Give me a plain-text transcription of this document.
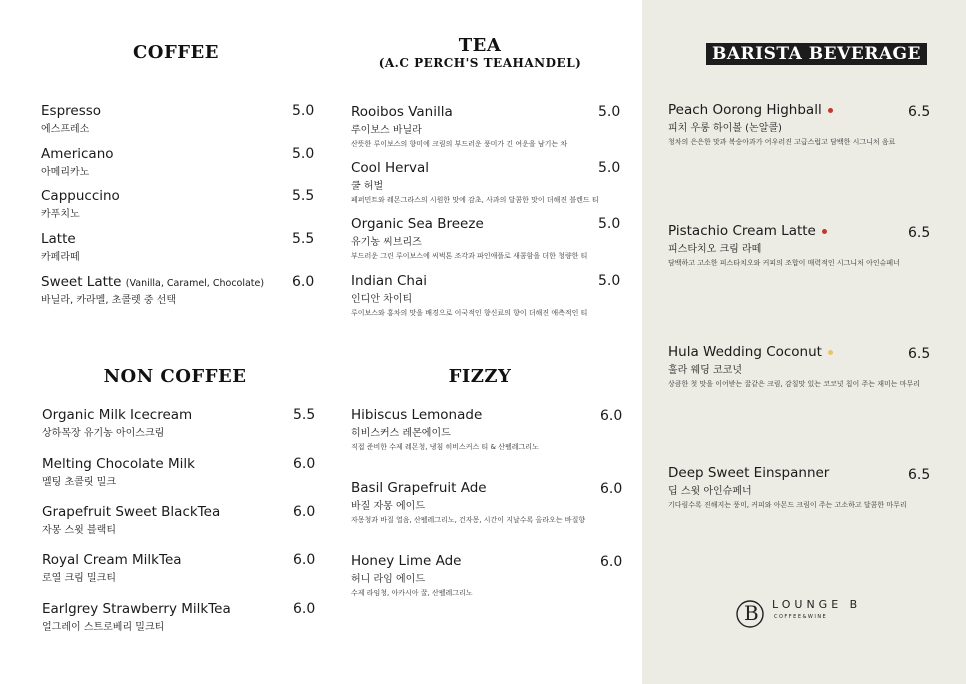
COFFEE
Espresso
에스프레소
5.0
Americano
아메리카노
5.0
Cappuccino
카푸치노
5.5
Latte
카페라떼
5.5
Sweet Latte (Vanilla, Caramel, Chocolate)
바닐라, 카라멜, 초콜렛 중 선택
6.0
TEA
(A.C PERCH'S TEAHANDEL)
Rooibos Vanilla
루이보스 바닐라
산뜻한 루이보스의 향미에 크림의 부드러운 풍미가 긴 여운을 남기는 차
5.0
Cool Herval
쿨 허벌
페퍼민트와 레몬그라스의 시원한 맛에 감초, 사과의 달콤한 맛이 더해진 블렌드 티
5.0
Organic Sea Breeze
유기농 씨브리즈
부드러운 그린 루이보스에 씨벅톤 조각과 파인애플로 새콤함을 더한 청량한 티
5.0
Indian Chai
인디안 차이티
루이보스와 홍차의 맛을 배경으로 이국적인 향신료의 향이 더해진 애측적인 티
5.0
BARISTA BEVERAGE
Peach Oorong Highball
피치 우롱 하이볼 (논알콜)
청차의 은은한 맛과 복숭아과가 어우러진 고급스럽고 담백한 시그니처 음료
6.5
Pistachio Cream Latte
피스타치오 크림 라떼
담백하고 고소한 피스타치오와 커피의 조합이 매력적인 시그니처 아인슈페너
6.5
Hula Wedding Coconut
훌라 웨딩 코코넛
상큼한 첫 맛을 이어받는 꿀같은 크림, 감칠맛 있는 코코넛 칩이 주는 재미는 마무리
6.5
Deep Sweet Einspanner
딥 스윗 아인슈페너
기다림수록 진해지는 풍미, 커피와 아몬드 크림이 주는 고소하고 달콤한 마무리
6.5
NON COFFEE
Organic Milk Icecream
상하목장 유기농 아이스크림
5.5
Melting Chocolate Milk
멜팅 초콜릿 밀크
6.0
Grapefruit Sweet BlackTea
자몽 스윗 블랙티
6.0
Royal Cream MilkTea
로열 크림 밀크티
6.0
Earlgrey Strawberry MilkTea
얼그레이 스트로베리 밀크티
6.0
FIZZY
Hibiscus Lemonade
히비스커스 레몬에이드
직접 준비한 수제 레몬청, 냉침 히비스커스 티 & 산펠레그리노
6.0
Basil Grapefruit Ade
바질 자몽 에이드
자몽청과 바질 열음, 산펠레그리노, 건자몽, 시간이 지날수록 올라오는 바질향
6.0
Honey Lime Ade
허니 라임 에이드
수제 라임청, 아카시아 꿀, 산펠레그리노
6.0
B LOUNGE B
COFFEE&WINE
